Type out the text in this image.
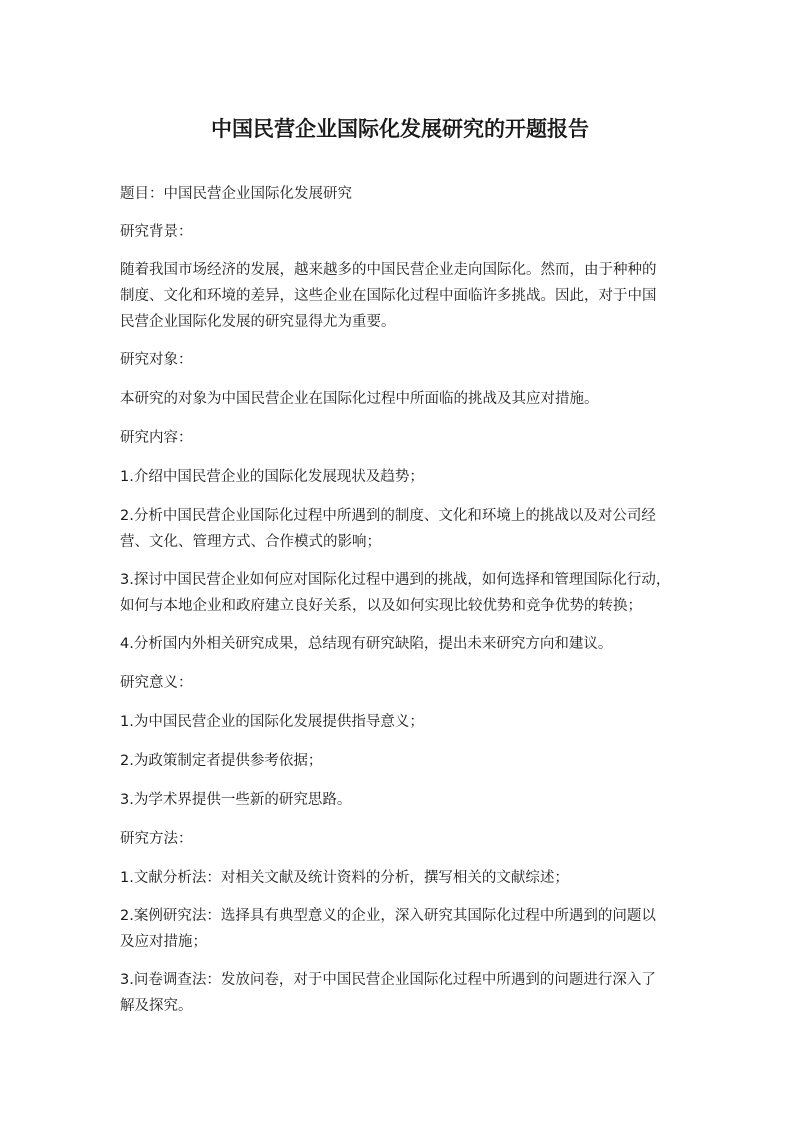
中国民营企业国际化发展研究的开题报告

题目：中国民营企业国际化发展研究

研究背景：

随着我国市场经济的发展，越来越多的中国民营企业走向国际化。然而，由于种种的
制度、文化和环境的差异，这些企业在国际化过程中面临许多挑战。因此，对于中国
民营企业国际化发展的研究显得尤为重要。

研究对象：

本研究的对象为中国民营企业在国际化过程中所面临的挑战及其应对措施。

研究内容：

1.介绍中国民营企业的国际化发展现状及趋势；

2.分析中国民营企业国际化过程中所遇到的制度、文化和环境上的挑战以及对公司经
营、文化、管理方式、合作模式的影响；

3.探讨中国民营企业如何应对国际化过程中遇到的挑战，如何选择和管理国际化行动，
如何与本地企业和政府建立良好关系，以及如何实现比较优势和竞争优势的转换；

4.分析国内外相关研究成果，总结现有研究缺陷，提出未来研究方向和建议。

研究意义：

1.为中国民营企业的国际化发展提供指导意义；

2.为政策制定者提供参考依据；

3.为学术界提供一些新的研究思路。

研究方法：

1.文献分析法：对相关文献及统计资料的分析，撰写相关的文献综述；

2.案例研究法：选择具有典型意义的企业，深入研究其国际化过程中所遇到的问题以
及应对措施；

3.问卷调查法：发放问卷，对于中国民营企业国际化过程中所遇到的问题进行深入了
解及探究。
